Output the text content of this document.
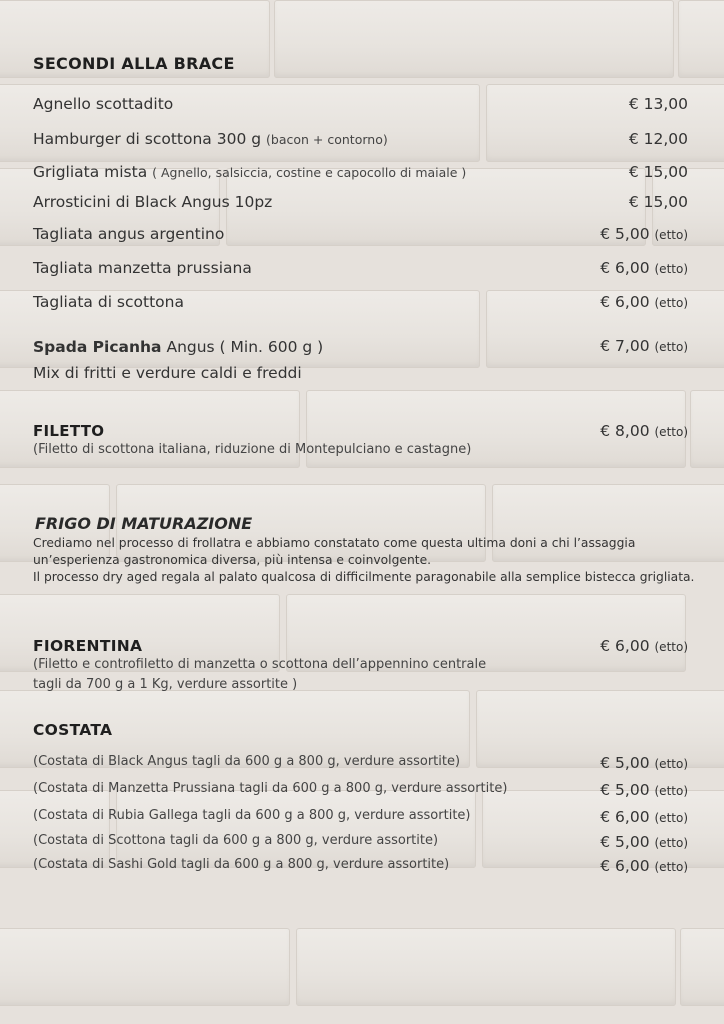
SECONDI ALLA BRACE
Agnello scottadito	€ 13,00
Hamburger di scottona 300 g (bacon + contorno)	€ 12,00
Grigliata mista ( Agnello, salsiccia, costine e capocollo di maiale )	€ 15,00
Arrosticini di Black Angus 10pz	€ 15,00
Tagliata angus argentino	€ 5,00 (etto)
Tagliata manzetta prussiana	€ 6,00 (etto)
Tagliata di scottona	€ 6,00 (etto)
Spada Picanha Angus ( Min. 600 g )	€ 7,00 (etto)
Mix di fritti e verdure caldi e freddi
FILETTO	€ 8,00 (etto)
(Filetto di scottona italiana, riduzione di Montepulciano e castagne)
FRIGO DI MATURAZIONE
Crediamo nel processo di frollatra e abbiamo constatato come questa ultima doni a chi l’assaggia
un’esperienza gastronomica diversa, più intensa e coinvolgente.
Il processo dry aged regala al palato qualcosa di difficilmente paragonabile alla semplice bistecca grigliata.
FIORENTINA	€ 6,00 (etto)
(Filetto e controfiletto di manzetta o scottona dell’appennino centrale
tagli da 700 g a 1 Kg, verdure assortite )
COSTATA
(Costata di Black Angus tagli da 600 g a 800 g, verdure assortite)	€ 5,00 (etto)
(Costata di Manzetta Prussiana tagli da 600 g a 800 g, verdure assortite)	€ 5,00 (etto)
(Costata di Rubia Gallega tagli da 600 g a 800 g, verdure assortite)	€ 6,00 (etto)
(Costata di Scottona tagli da 600 g a 800 g, verdure assortite)	€ 5,00 (etto)
(Costata di Sashi Gold tagli da 600 g a 800 g, verdure assortite)	€ 6,00 (etto)
